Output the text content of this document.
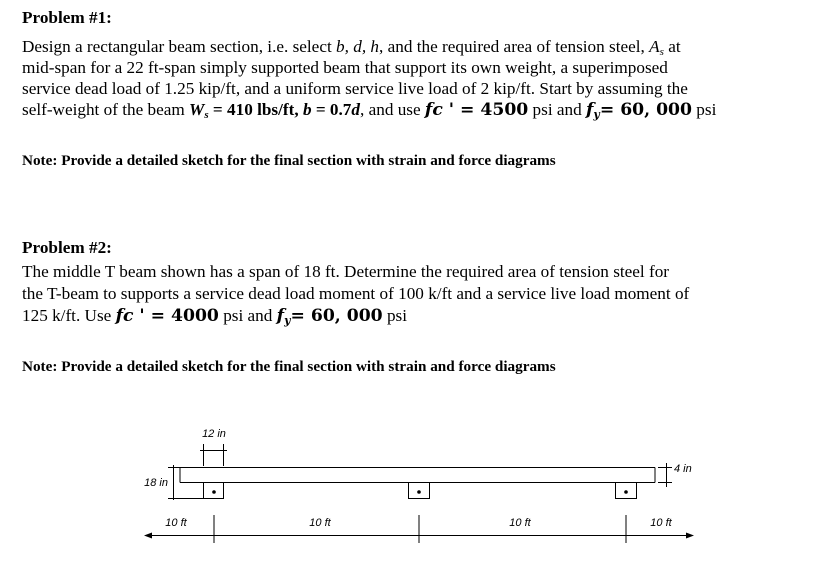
Problem #1:
Design a rectangular beam section, i.e. select b, d, h, and the required area of tension steel, $A_s$ at
mid-span for a 22 ft-span simply supported beam that support its own weight, a superimposed
service dead load of 1.25 kip/ft, and a uniform service live load of 2 kip/ft. Start by assuming the
self-weight of the beam $W_s = 410$ lbs/ft, b = 0.7d, and use fc ' = 4500 psi and $f_y= 60$, 000 psi
Note: Provide a detailed sketch for the final section with strain and force diagrams
Problem #2:
The middle T beam shown has a span of 18 ft. Determine the required area of tension steel for
the T-beam to supports a service dead load moment of 100 k/ft and a service live load moment of
125 k/ft. Use fc ' = 4000 psi and $f_y= 60$, 000 psi
Note: Provide a detailed sketch for the final section with strain and force diagrams
12 in
18 in
4 in
10 ft	10 ft	10 ft	10 ft
